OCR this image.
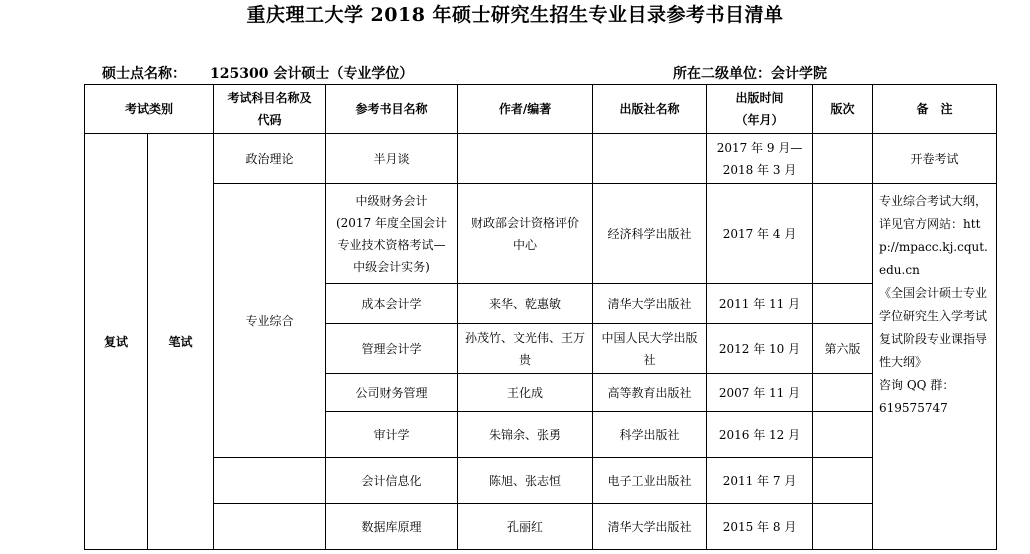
重庆理工大学 2018 年硕士研究生招生专业目录参考书目清单
硕士点名称： 125300 会计硕士（专业学位）	所在二级单位：会计学院
考试类别		考试科目名称及代码	参考书目名称	作者/编著	出版社名称	出版时间
（年月）	版次	备　注
复试	笔试	政治理论	半月谈			2017 年 9 月—
2018 年 3 月		开卷考试
		专业综合	中级财务会计
(2017 年度全国会计专业技术资格考试—中级会计实务)	财政部会计资格评价中心	经济科学出版社	2017 年 4 月		专业综合考试大纲，详见官方网站：http://mpacc.kj.cqut.edu.cn
《全国会计硕士专业学位研究生入学考试复试阶段专业课指导性大纲》
咨询 QQ 群：
619575747
			成本会计学	来华、乾惠敏	清华大学出版社	2011 年 11 月		
			管理会计学	孙茂竹、文光伟、王万贵	中国人民大学出版社	2012 年 10 月	第六版	
			公司财务管理	王化成	高等教育出版社	2007 年 11 月		
			审计学	朱锦余、张勇	科学出版社	2016 年 12 月		
			会计信息化	陈旭、张志恒	电子工业出版社	2011 年 7 月		
			数据库原理	孔丽红	清华大学出版社	2015 年 8 月		
